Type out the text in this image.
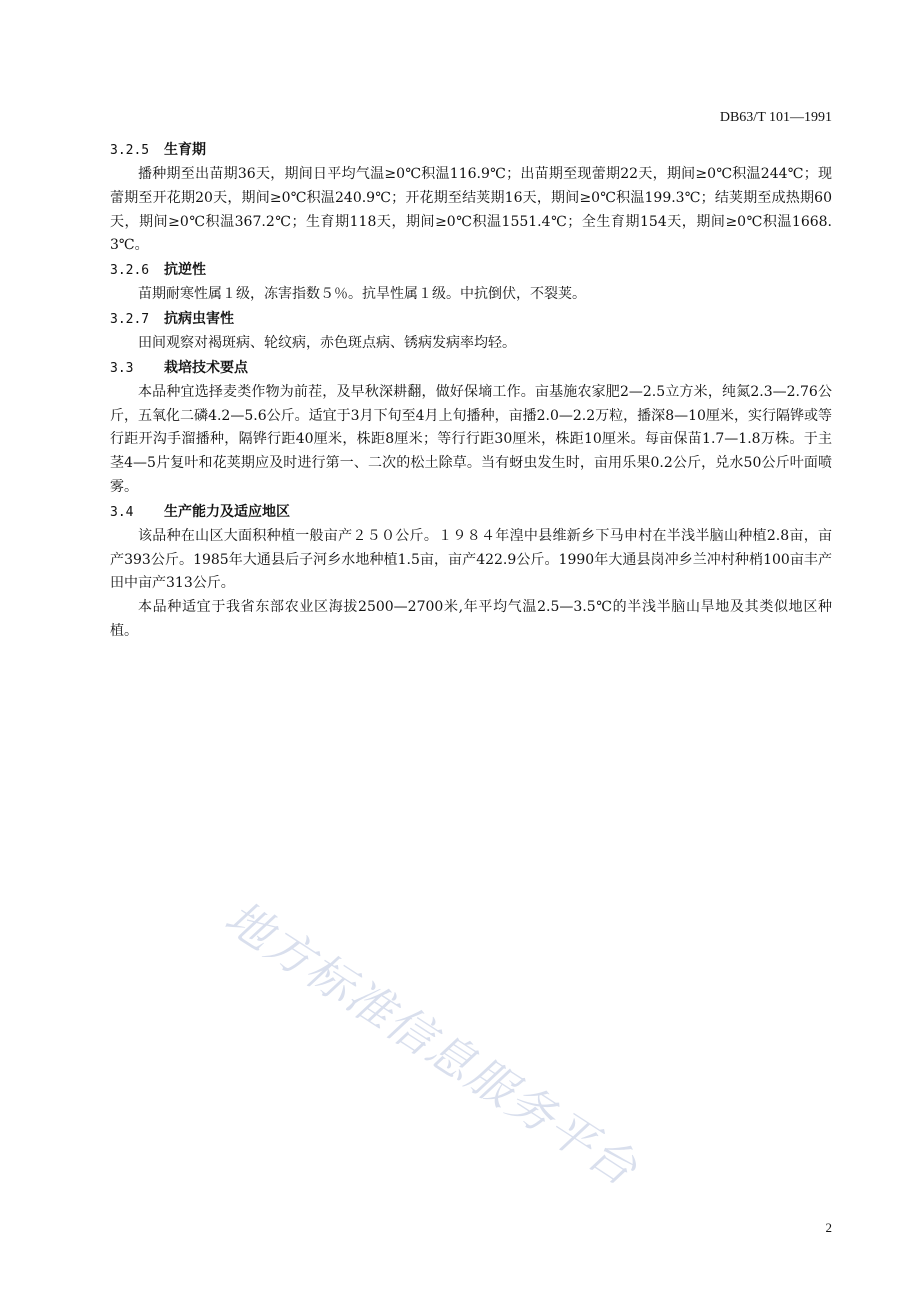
DB63/T 101—1991
3.2.5 生育期

播种期至出苗期36天，期间日平均气温≥0℃积温116.9℃；出苗期至现蕾期22天，期间≥0℃积温244℃；现蕾期至开花期20天，期间≥0℃积温240.9℃；开花期至结荚期16天，期间≥0℃积温199.3℃；结荚期至成热期60天，期间≥0℃积温367.2℃；生育期118天，期间≥0℃积温1551.4℃；全生育期154天，期间≥0℃积温1668.3℃。

3.2.6 抗逆性

苗期耐寒性属１级，冻害指数５％。抗旱性属１级。中抗倒伏，不裂荚。

3.2.7 抗病虫害性

田间观察对褐斑病、轮纹病，赤色斑点病、锈病发病率均轻。

3.3 栽培技术要点

本品种宜选择麦类作物为前茬，及早秋深耕翻，做好保墒工作。亩基施农家肥2—2.5立方米，纯氮2.3—2.76公斤，五氧化二磷4.2—5.6公斤。适宜于3月下旬至4月上旬播种，亩播2.0—2.2万粒，播深8—10厘米，实行隔铧或等行距开沟手溜播种，隔铧行距40厘米，株距8厘米；等行行距30厘米，株距10厘米。每亩保苗1.7—1.8万株。于主茎4—5片复叶和花荚期应及时进行第一、二次的松土除草。当有蚜虫发生时，亩用乐果0.2公斤，兑水50公斤叶面喷雾。

3.4 生产能力及适应地区

该品种在山区大面积种植一般亩产２５０公斤。１９８４年湟中县维新乡下马申村在半浅半脑山种植2.8亩，亩产393公斤。1985年大通县后子河乡水地种植1.5亩，亩产422.9公斤。1990年大通县岗冲乡兰冲村种梢100亩丰产田中亩产313公斤。

本品种适宜于我省东部农业区海拔2500—2700米,年平均气温2.5—3.5℃的半浅半脑山旱地及其类似地区种植。

地方标准信息服务平台
2
